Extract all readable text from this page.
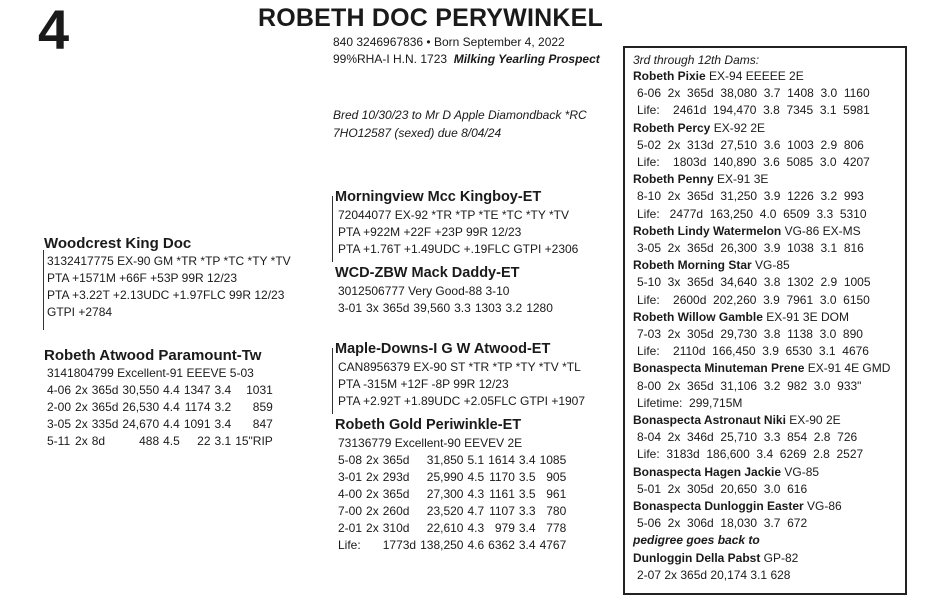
4	ROBETH DOC PERYWINKEL
840 3246967836 • Born September 4, 2022
99%RHA-I H.N. 1723 Milking Yearling Prospect
Bred 10/30/23 to Mr D Apple Diamondback *RC
7HO12587 (sexed) due 8/04/24
Woodcrest King Doc
3132417775 EX-90 GM *TR *TP *TC *TY *TV
PTA +1571M +66F +53P 99R 12/23
PTA +3.22T +2.13UDC +1.97FLC 99R 12/23
GTPI +2784
Robeth Atwood Paramount-Tw
3141804799 Excellent-91 EEEVE 5-03
4-06	2x	365d	30,550	4.4	1347	3.4	1031
2-00	2x	365d	26,530	4.4	1174	3.2	859
3-05	2x	335d	24,670	4.4	1091	3.4	847
5-11	2x	8d	488	4.5	22	3.1	15"RIP
Morningview Mcc Kingboy-ET
72044077 EX-92 *TR *TP *TE *TC *TY *TV
PTA +922M +22F +23P 99R 12/23
PTA +1.76T +1.49UDC +.19FLC GTPI +2306
WCD-ZBW Mack Daddy-ET
3012506777 Very Good-88 3-10
3-01	3x	365d	39,560	3.3	1303	3.2	1280
Maple-Downs-I G W Atwood-ET
CAN8956379 EX-90 ST *TR *TP *TY *TV *TL
PTA -315M +12F -8P 99R 12/23
PTA +2.92T +1.89UDC +2.05FLC GTPI +1907
Robeth Gold Periwinkle-ET
73136779 Excellent-90 EEVEV 2E
5-08	2x	365d	31,850	5.1	1614	3.4	1085
3-01	2x	293d	25,990	4.5	1170	3.5	905
4-00	2x	365d	27,300	4.3	1161	3.5	961
7-00	2x	260d	23,520	4.7	1107	3.3	780
2-01	2x	310d	22,610	4.3	979	3.4	778
Life:		1773d	138,250	4.6	6362	3.4	4767
3rd through 12th Dams:
Robeth Pixie EX-94 EEEEE 2E
6-06  2x  365d  38,080  3.7  1408  3.0  1160
Life:    2461d  194,470  3.8  7345  3.1  5981
Robeth Percy EX-92 2E
5-02  2x  313d  27,510  3.6  1003  2.9  806
Life:    1803d  140,890  3.6  5085  3.0  4207
Robeth Penny EX-91 3E
8-10  2x  365d  31,250  3.9  1226  3.2  993
Life:   2477d  163,250  4.0  6509  3.3  5310
Robeth Lindy Watermelon VG-86 EX-MS
3-05  2x  365d  26,300  3.9  1038  3.1  816
Robeth Morning Star VG-85
5-10  3x  365d  34,640  3.8  1302  2.9  1005
Life:    2600d  202,260  3.9  7961  3.0  6150
Robeth Willow Gamble EX-91 3E DOM
7-03  2x  305d  29,730  3.8  1138  3.0  890
Life:    2110d  166,450  3.9  6530  3.1  4676
Bonaspecta Minuteman Prene EX-91 4E GMD
8-00  2x  365d  31,106  3.2  982  3.0  933"
Lifetime:  299,715M
Bonaspecta Astronaut Niki EX-90 2E
8-04  2x  346d  25,710  3.3  854  2.8  726
Life:  3183d  186,600  3.4  6269  2.8  2527
Bonaspecta Hagen Jackie VG-85
5-01  2x  305d  20,650  3.0  616
Bonaspecta Dunloggin Easter VG-86
5-06  2x  306d  18,030  3.7  672
pedigree goes back to
Dunloggin Della Pabst GP-82
2-07 2x 365d 20,174 3.1 628
